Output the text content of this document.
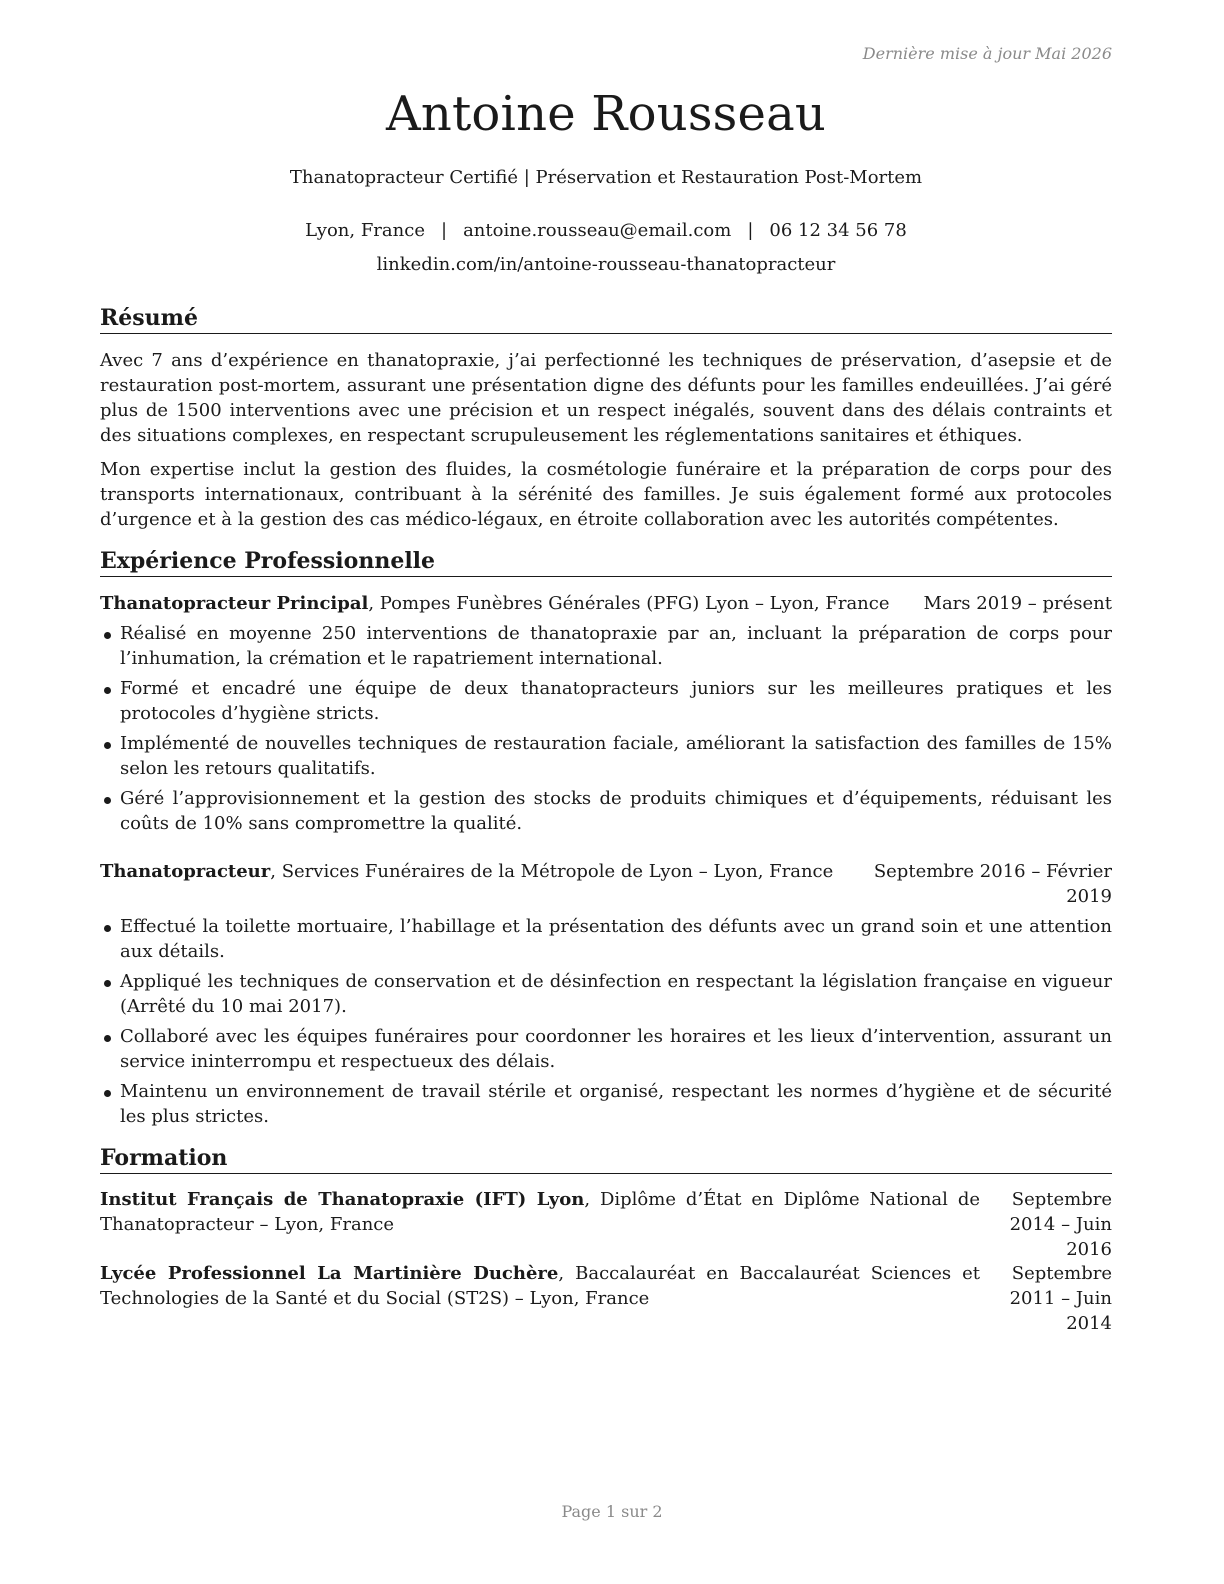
Dernière mise à jour Mai 2026
Antoine Rousseau
Thanatopracteur Certifié | Préservation et Restauration Post-Mortem
Lyon, France | antoine.rousseau@email.com | 06 12 34 56 78
linkedin.com/in/antoine-rousseau-thanatopracteur
Résumé

Avec 7 ans d’expérience en thanatopraxie, j’ai perfectionné les techniques de préservation, d’asepsie et de restauration post-mortem, assurant une présentation digne des défunts pour les familles endeuillées. J’ai géré plus de 1500 interventions avec une précision et un respect inégalés, souvent dans des délais contraints et des situations complexes, en respectant scrupuleusement les réglementations sanitaires et éthiques.

Mon expertise inclut la gestion des fluides, la cosmétologie funéraire et la préparation de corps pour des transports internationaux, contribuant à la sérénité des familles. Je suis également formé aux protocoles d’urgence et à la gestion des cas médico-légaux, en étroite collaboration avec les autorités compétentes.

Expérience Professionnelle
Thanatopracteur Principal, Pompes Funèbres Générales (PFG) Lyon – Lyon, France Mars 2019 – présent
Réalisé en moyenne 250 interventions de thanatopraxie par an, incluant la préparation de corps pour l’inhumation, la crémation et le rapatriement international.
Formé et encadré une équipe de deux thanatopracteurs juniors sur les meilleures pratiques et les protocoles d’hygiène stricts.
Implémenté de nouvelles techniques de restauration faciale, améliorant la satisfaction des familles de 15% selon les retours qualitatifs.
Géré l’approvisionnement et la gestion des stocks de produits chimiques et d’équipements, réduisant les coûts de 10% sans compromettre la qualité.
Thanatopracteur, Services Funéraires de la Métropole de Lyon – Lyon, France Septembre 2016 – Février
2019
Effectué la toilette mortuaire, l’habillage et la présentation des défunts avec un grand soin et une attention aux détails.
Appliqué les techniques de conservation et de désinfection en respectant la législation française en vigueur (Arrêté du 10 mai 2017).
Collaboré avec les équipes funéraires pour coordonner les horaires et les lieux d’intervention, assurant un service ininterrompu et respectueux des délais.
Maintenu un environnement de travail stérile et organisé, respectant les normes d’hygiène et de sécurité les plus strictes.
Formation
Institut Français de Thanatopraxie (IFT) Lyon, Diplôme d’État en Diplôme National de Thanatopracteur – Lyon, France
Septembre 2014 – Juin
2016
Lycée Professionnel La Martinière Duchère, Baccalauréat en Baccalauréat Sciences et Technologies de la Santé et du Social (ST2S) – Lyon, France
Septembre 2011 – Juin
2014
Page 1 sur 2
